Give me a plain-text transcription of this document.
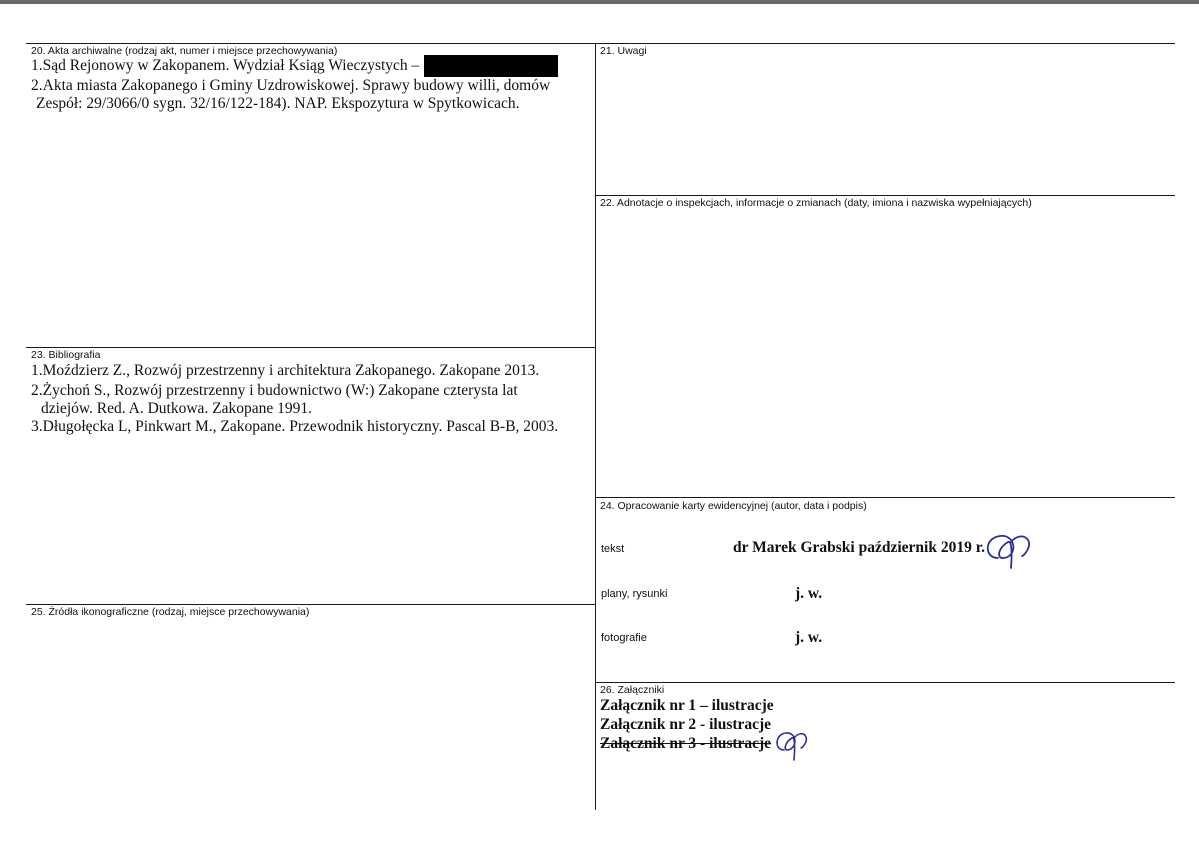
20. Akta archiwalne (rodzaj akt, numer i miejsce przechowywania)
1.Sąd Rejonowy w Zakopanem. Wydział Ksiąg Wieczystych –
2.Akta miasta Zakopanego i Gminy Uzdrowiskowej. Sprawy budowy willi, domów
Zespół: 29/3066/0 sygn. 32/16/122-184). NAP. Ekspozytura w Spytkowicach.
21. Uwagi
22. Adnotacje o inspekcjach, informacje o zmianach (daty, imiona i nazwiska wypełniających)
23. Bibliografia
1.Moździerz Z., Rozwój przestrzenny i architektura Zakopanego. Zakopane 2013.
2.Żychoń S., Rozwój przestrzenny i budownictwo (W:) Zakopane czterysta lat
dziejów. Red. A. Dutkowa. Zakopane 1991.
3.Długołęcka L, Pinkwart M., Zakopane. Przewodnik historyczny. Pascal B-B, 2003.
24. Opracowanie karty ewidencyjnej (autor, data i podpis)
tekst	dr Marek Grabski październik 2019 r.
plany, rysunki	j. w.
fotografie	j. w.
25. Źródła ikonograficzne (rodzaj, miejsce przechowywania)
26. Załączniki
Załącznik nr 1 – ilustracje
Załącznik nr 2 - ilustracje
Załącznik nr 3 - ilustracje
